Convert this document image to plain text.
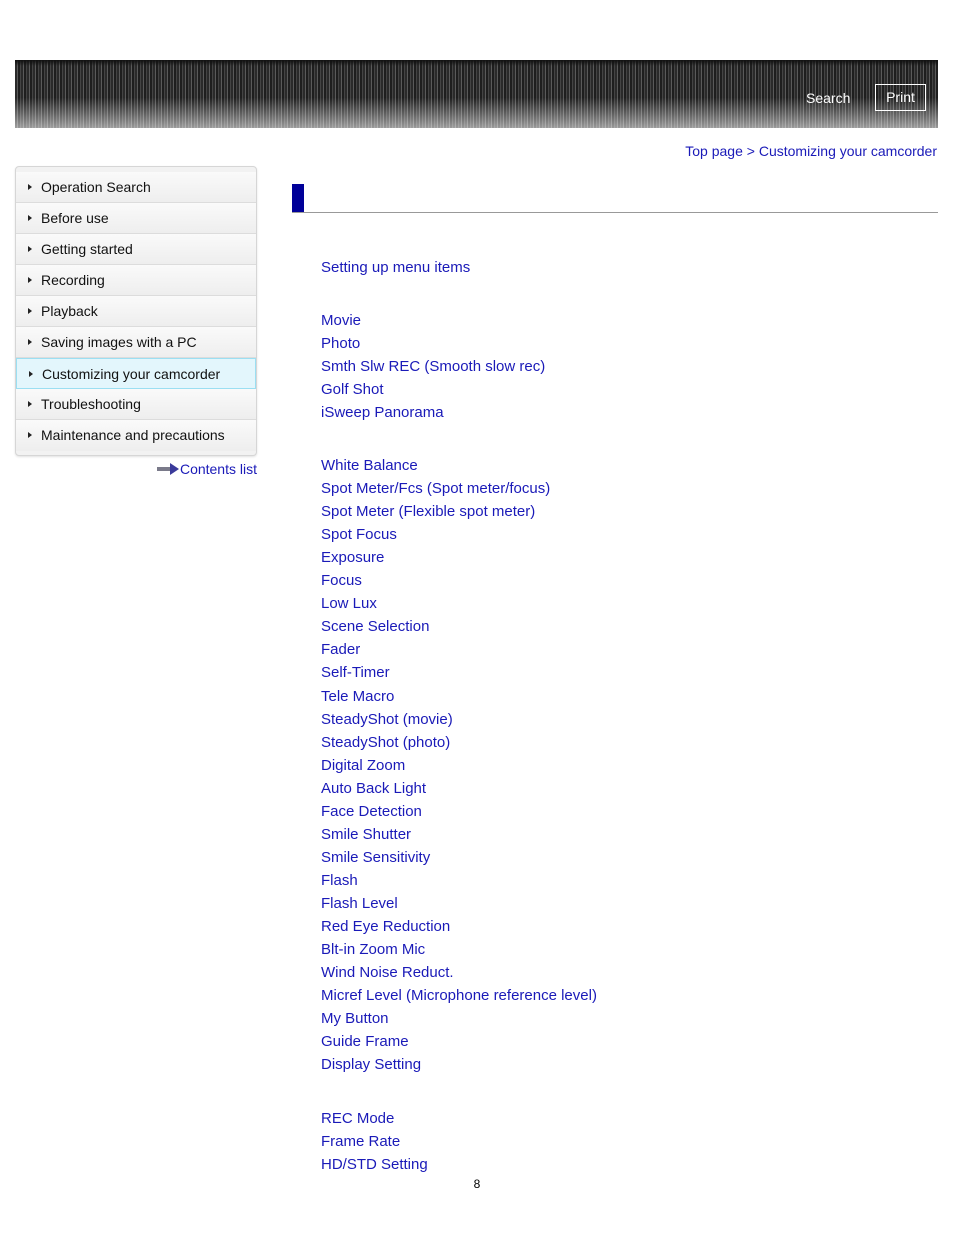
Search	Print
Top page > Customizing your camcorder
Operation Search
Before use
Getting started
Recording
Playback
Saving images with a PC
Customizing your camcorder
Troubleshooting
Maintenance and precautions
Contents list
Setting up menu items
Movie
Photo
Smth Slw REC (Smooth slow rec)
Golf Shot
iSweep Panorama
White Balance
Spot Meter/Fcs (Spot meter/focus)
Spot Meter (Flexible spot meter)
Spot Focus
Exposure
Focus
Low Lux
Scene Selection
Fader
Self-Timer
Tele Macro
SteadyShot (movie)
SteadyShot (photo)
Digital Zoom
Auto Back Light
Face Detection
Smile Shutter
Smile Sensitivity
Flash
Flash Level
Red Eye Reduction
Blt-in Zoom Mic
Wind Noise Reduct.
Micref Level (Microphone reference level)
My Button
Guide Frame
Display Setting
REC Mode
Frame Rate
HD/STD Setting
8
